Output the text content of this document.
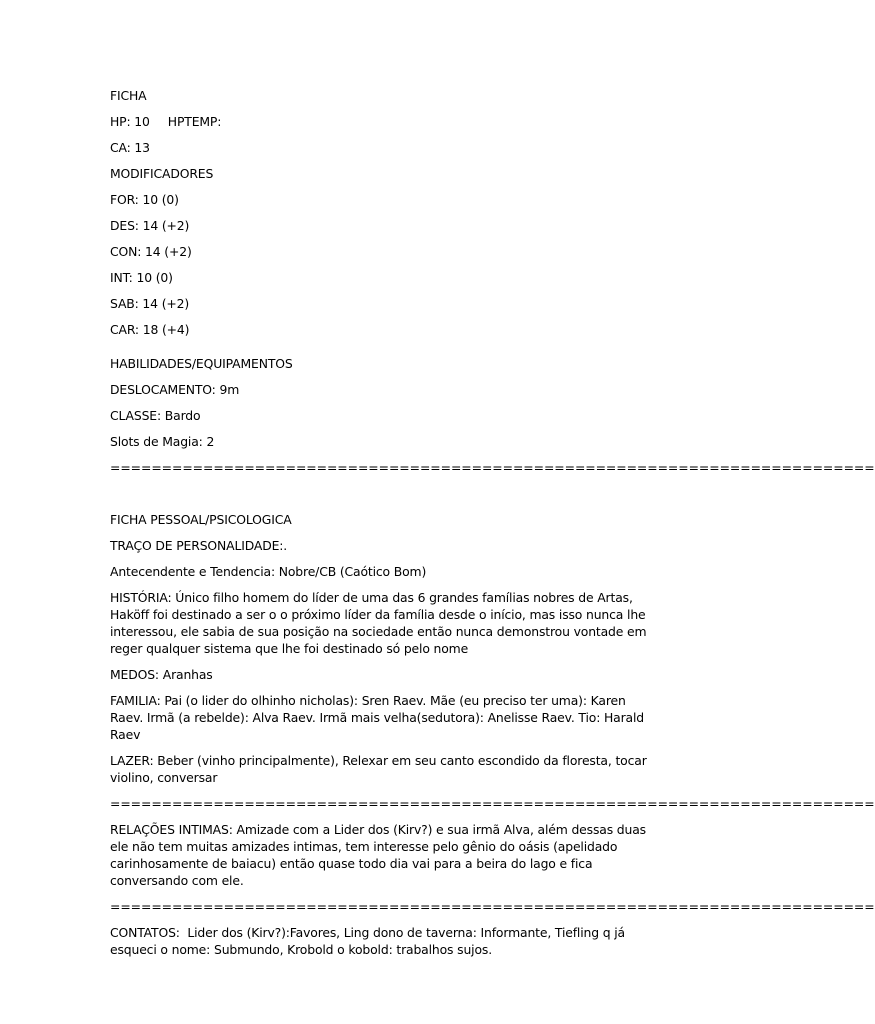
FICHA
HP: 10 HPTEMP:
CA: 13
MODIFICADORES
FOR: 10 (0)
DES: 14 (+2)
CON: 14 (+2)
INT: 10 (0)
SAB: 14 (+2)
CAR: 18 (+4)
HABILIDADES/EQUIPAMENTOS
DESLOCAMENTO: 9m
CLASSE: Bardo
Slots de Magia: 2
==========================================================================
FICHA PESSOAL/PSICOLOGICA
TRAÇO DE PERSONALIDADE:.
Antecendente e Tendencia: Nobre/CB (Caótico Bom)
HISTÓRIA: Único filho homem do líder de uma das 6 grandes famílias nobres de Artas, Haköff foi destinado a ser o o próximo líder da família desde o início, mas isso nunca lhe interessou, ele sabia de sua posição na sociedade então nunca demonstrou vontade em reger qualquer sistema que lhe foi destinado só pelo nome
MEDOS: Aranhas
FAMILIA: Pai (o lider do olhinho nicholas): Sren Raev. Mãe (eu preciso ter uma): Karen Raev. Irmã (a rebelde): Alva Raev. Irmã mais velha(sedutora): Anelisse Raev. Tio: Harald Raev
LAZER: Beber (vinho principalmente), Relexar em seu canto escondido da floresta, tocar violino, conversar
==========================================================================
RELAÇÕES INTIMAS: Amizade com a Lider dos (Kirv?) e sua irmã Alva, além dessas duas ele não tem muitas amizades intimas, tem interesse pelo gênio do oásis (apelidado carinhosamente de baiacu) então quase todo dia vai para a beira do lago e fica conversando com ele.
==========================================================================
CONTATOS:  Lider dos (Kirv?):Favores, Ling dono de taverna: Informante, Tiefling q já esqueci o nome: Submundo, Krobold o kobold: trabalhos sujos.
